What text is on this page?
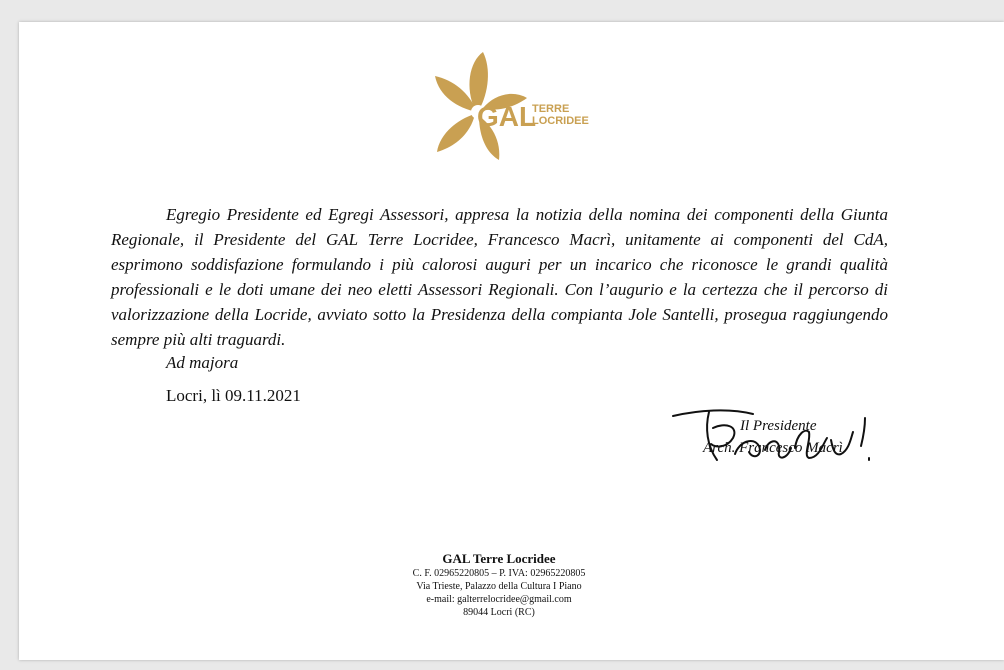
GAL
TERRE
LOCRIDEE

Egregio Presidente ed Egregi Assessori, appresa la notizia della nomina dei componenti della Giunta Regionale, il Presidente del GAL Terre Locridee, Francesco Macrì, unitamente ai componenti del CdA, esprimono soddisfazione formulando i più calorosi auguri per un incarico che riconosce le grandi qualità professionali e le doti umane dei neo eletti Assessori Regionali. Con l’augurio e la certezza che il percorso di valorizzazione della Locride, avviato sotto la Presidenza della compianta Jole Santelli, prosegua raggiungendo sempre più alti traguardi.

Ad majora
Locri, lì 09.11.2021
Il Presidente
Arch. Francesco Macrì
GAL Terre Locridee
C. F. 02965220805 – P. IVA: 02965220805
Via Trieste, Palazzo della Cultura I Piano
e-mail: galterrelocridee@gmail.com
89044 Locri (RC)
